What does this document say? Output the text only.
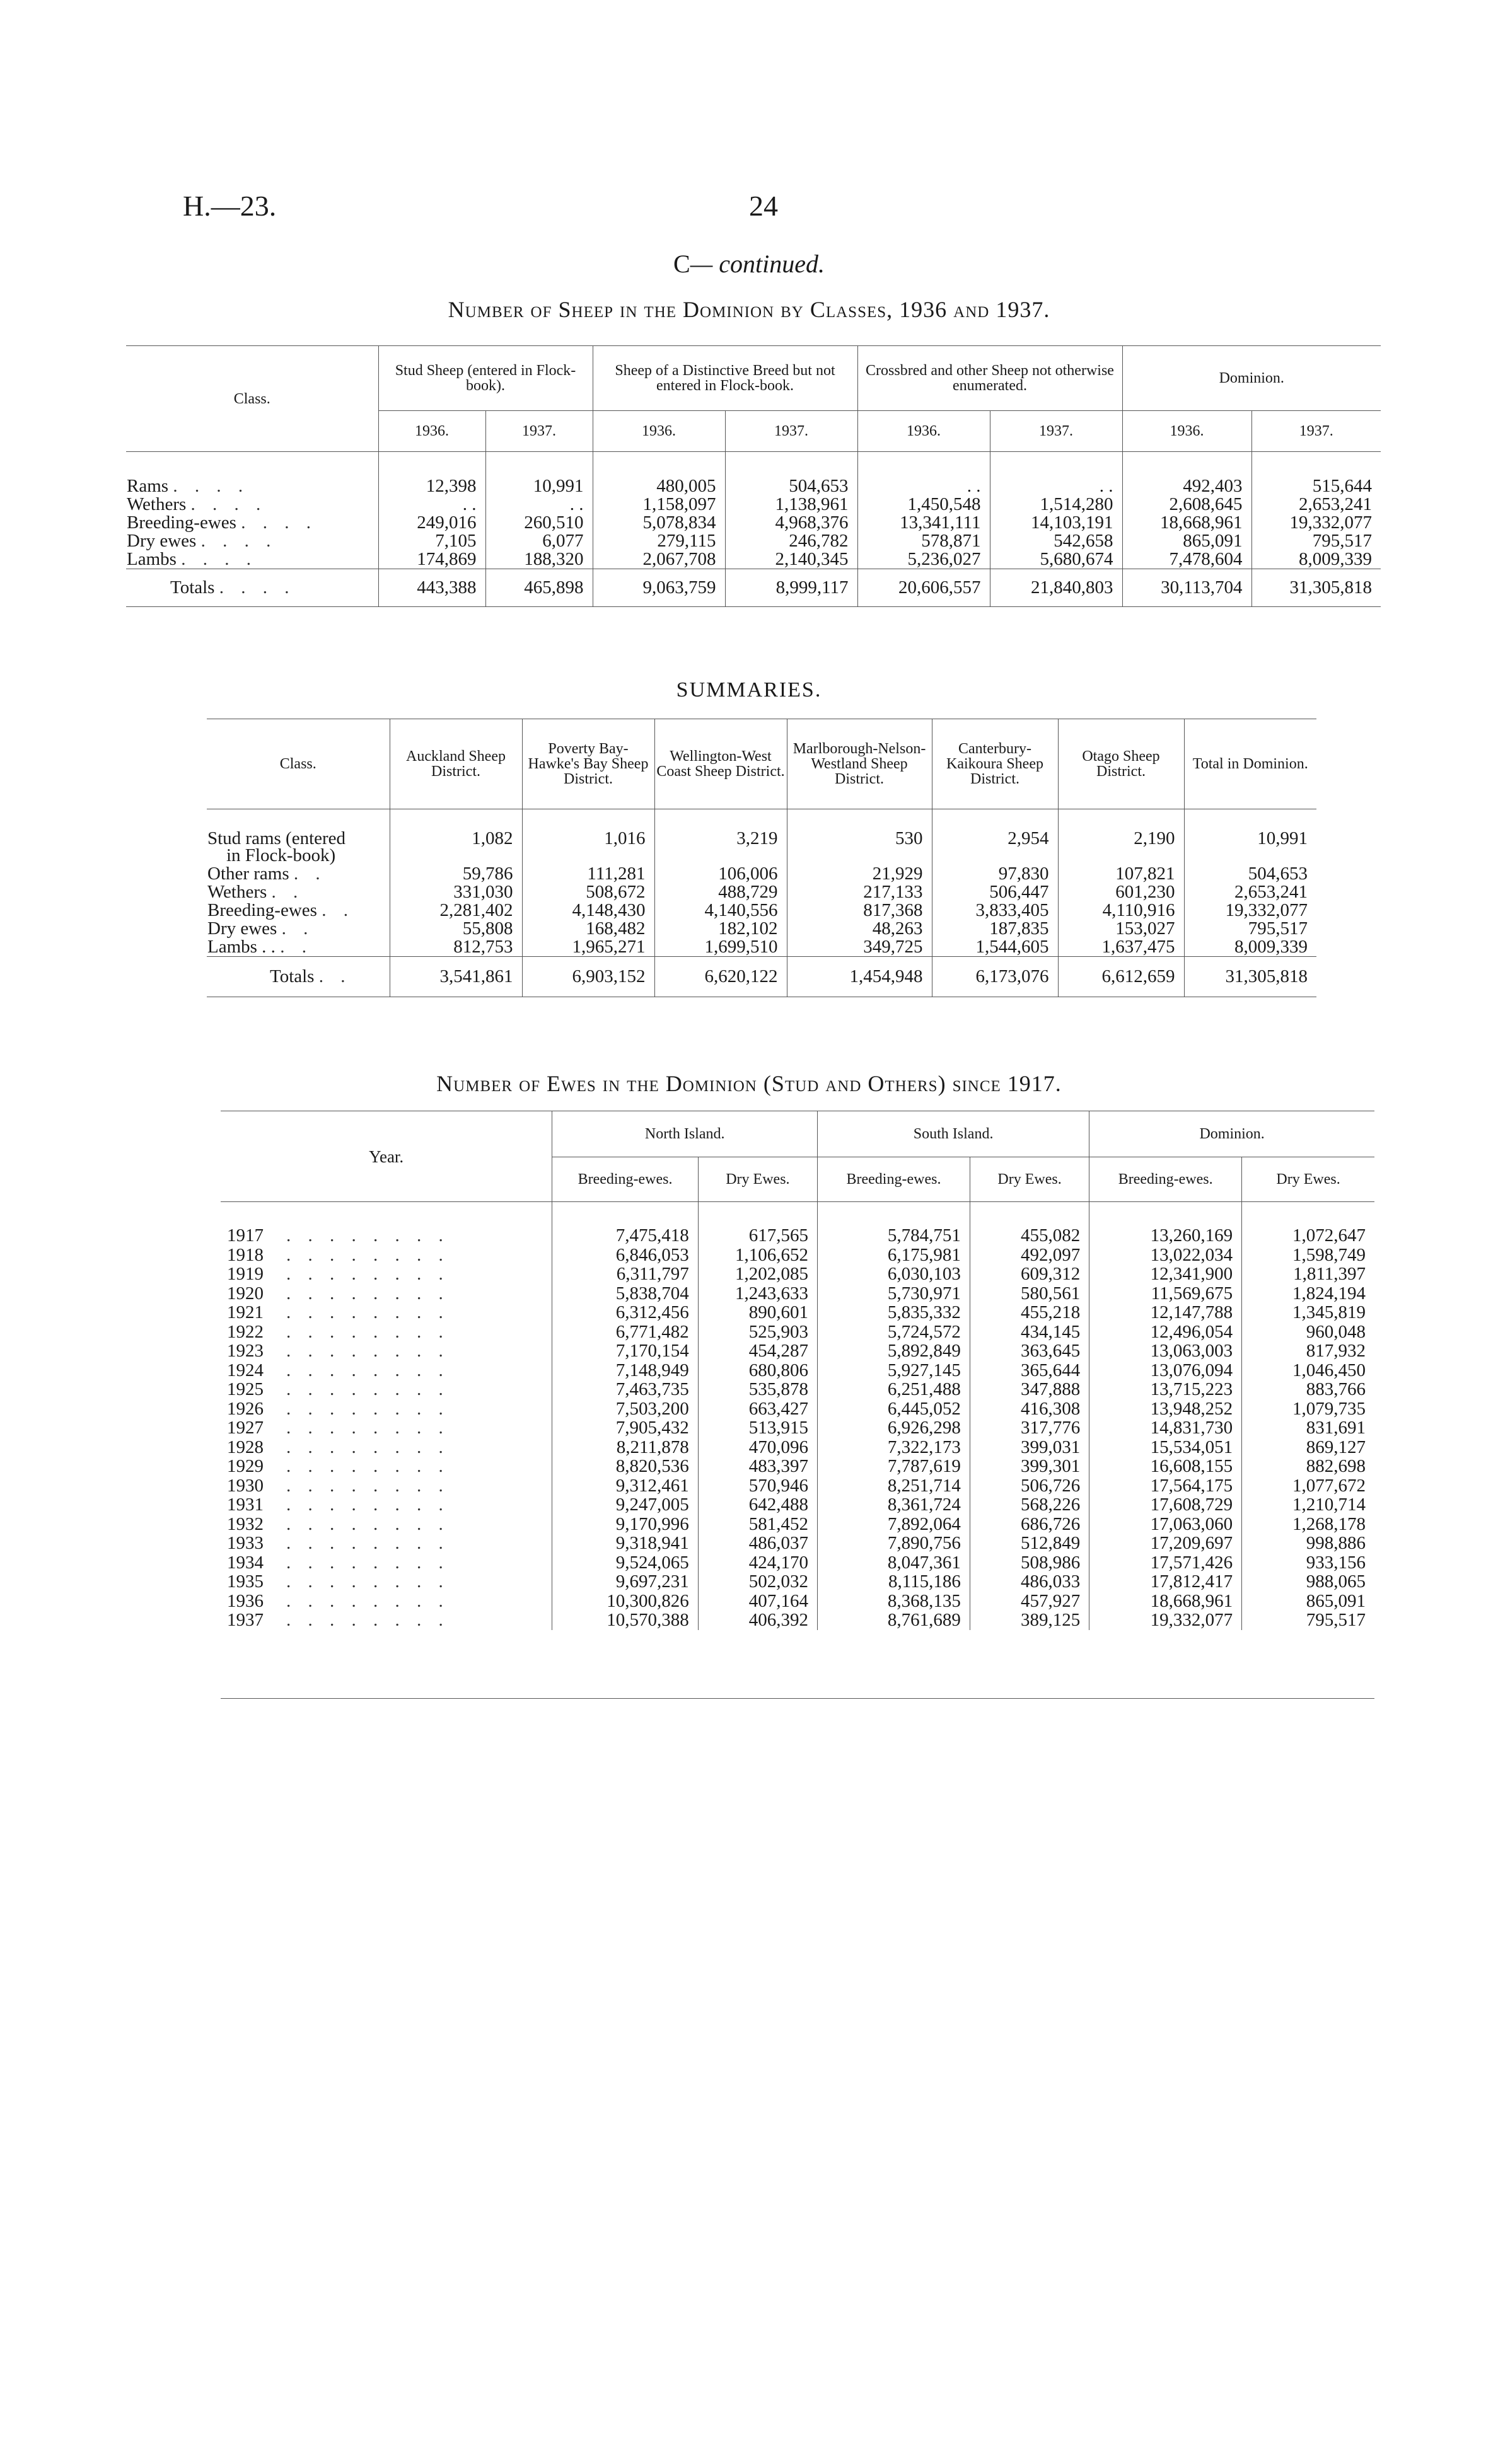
H.—23.	24
C— continued.
Number of Sheep in the Dominion by Classes, 1936 and 1937.
Class.	Stud Sheep (entered in Flock-book).		Sheep of a Distinctive Breed but not entered in Flock-book.		Crossbred and other Sheep not otherwise enumerated.		Dominion.	
	1936.	1937.	1936.	1937.	1936.	1937.	1936.	1937.

Rams . . . .	12,398	10,991	480,005	504,653	. .	. .	492,403	515,644
Wethers . . . .	. .	. .	1,158,097	1,138,961	1,450,548	1,514,280	2,608,645	2,653,241
Breeding-ewes . . . .	249,016	260,510	5,078,834	4,968,376	13,341,111	14,103,191	18,668,961	19,332,077
Dry ewes . . . .	7,105	6,077	279,115	246,782	578,871	542,658	865,091	795,517
Lambs . . . .	174,869	188,320	2,067,708	2,140,345	5,236,027	5,680,674	7,478,604	8,009,339
Totals . . . .	443,388	465,898	9,063,759	8,999,117	20,606,557	21,840,803	30,113,704	31,305,818
SUMMARIES.
Class.	Auckland Sheep District.	Poverty Bay-Hawke's Bay Sheep District.	Wellington-West Coast Sheep District.	Marlborough-Nelson-Westland Sheep District.	Canterbury-Kaikoura Sheep District.	Otago Sheep District.	Total in Dominion.

Stud rams (entered
in Flock-book)	1,082	1,016	3,219	530	2,954	2,190	10,991
Other rams . .	59,786	111,281	106,006	21,929	97,830	107,821	504,653
Wethers . .	331,030	508,672	488,729	217,133	506,447	601,230	2,653,241
Breeding-ewes . .	2,281,402	4,148,430	4,140,556	817,368	3,833,405	4,110,916	19,332,077
Dry ewes . .	55,808	168,482	182,102	48,263	187,835	153,027	795,517
Lambs . . . .	812,753	1,965,271	1,699,510	349,725	1,544,605	1,637,475	8,009,339
Totals . .	3,541,861	6,903,152	6,620,122	1,454,948	6,173,076	6,612,659	31,305,818
Number of Ewes in the Dominion (Stud and Others) since 1917.
Year.	North Island.		South Island.		Dominion.	
	Breeding-ewes.	Dry Ewes.	Breeding-ewes.	Dry Ewes.	Breeding-ewes.	Dry Ewes.

1917 . . . . . . . .	7,475,418	617,565	5,784,751	455,082	13,260,169	1,072,647
1918 . . . . . . . .	6,846,053	1,106,652	6,175,981	492,097	13,022,034	1,598,749
1919 . . . . . . . .	6,311,797	1,202,085	6,030,103	609,312	12,341,900	1,811,397
1920 . . . . . . . .	5,838,704	1,243,633	5,730,971	580,561	11,569,675	1,824,194
1921 . . . . . . . .	6,312,456	890,601	5,835,332	455,218	12,147,788	1,345,819
1922 . . . . . . . .	6,771,482	525,903	5,724,572	434,145	12,496,054	960,048
1923 . . . . . . . .	7,170,154	454,287	5,892,849	363,645	13,063,003	817,932
1924 . . . . . . . .	7,148,949	680,806	5,927,145	365,644	13,076,094	1,046,450
1925 . . . . . . . .	7,463,735	535,878	6,251,488	347,888	13,715,223	883,766
1926 . . . . . . . .	7,503,200	663,427	6,445,052	416,308	13,948,252	1,079,735
1927 . . . . . . . .	7,905,432	513,915	6,926,298	317,776	14,831,730	831,691
1928 . . . . . . . .	8,211,878	470,096	7,322,173	399,031	15,534,051	869,127
1929 . . . . . . . .	8,820,536	483,397	7,787,619	399,301	16,608,155	882,698
1930 . . . . . . . .	9,312,461	570,946	8,251,714	506,726	17,564,175	1,077,672
1931 . . . . . . . .	9,247,005	642,488	8,361,724	568,226	17,608,729	1,210,714
1932 . . . . . . . .	9,170,996	581,452	7,892,064	686,726	17,063,060	1,268,178
1933 . . . . . . . .	9,318,941	486,037	7,890,756	512,849	17,209,697	998,886
1934 . . . . . . . .	9,524,065	424,170	8,047,361	508,986	17,571,426	933,156
1935 . . . . . . . .	9,697,231	502,032	8,115,186	486,033	17,812,417	988,065
1936 . . . . . . . .	10,300,826	407,164	8,368,135	457,927	18,668,961	865,091
1937 . . . . . . . .	10,570,388	406,392	8,761,689	389,125	19,332,077	795,517
